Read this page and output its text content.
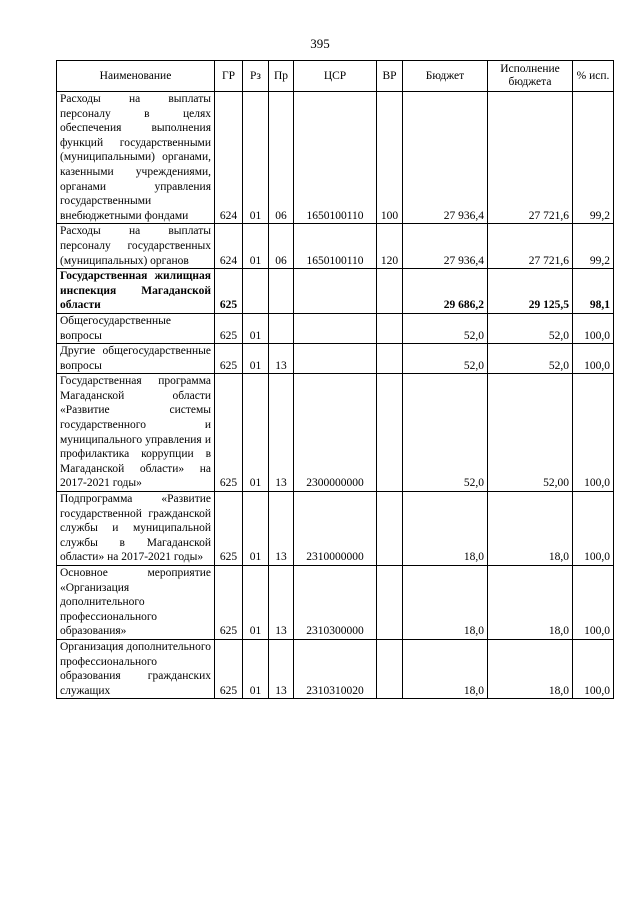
395
Наименование	ГР	Рз	Пр	ЦСР	ВР	Бюджет	Исполнение бюджета	% исп.
Расходы на выплаты персоналу в целях обеспечения выполнения функций государственными (муниципальными) органами, казенными учреждениями, органами управления государственными внебюджетными фондами	624	01	06	1650100110	100	27 936,4	27 721,6	99,2
Расходы на выплаты персоналу государственных (муниципальных) органов	624	01	06	1650100110	120	27 936,4	27 721,6	99,2
Государственная жилищная инспекция Магаданской области	625					29 686,2	29 125,5	98,1
Общегосударственные вопросы	625	01				52,0	52,0	100,0
Другие общегосударственные вопросы	625	01	13			52,0	52,0	100,0
Государственная программа Магаданской области «Развитие системы государственного и муниципального управления и профилактика коррупции в Магаданской области» на 2017-2021 годы»	625	01	13	2300000000		52,0	52,00	100,0
Подпрограмма «Развитие государственной гражданской службы и муниципальной службы в Магаданской области» на 2017-2021 годы»	625	01	13	2310000000		18,0	18,0	100,0
Основное мероприятие «Организация дополнительного профессионального образования»	625	01	13	2310300000		18,0	18,0	100,0
Организация дополнительного профессионального образования гражданских служащих	625	01	13	2310310020		18,0	18,0	100,0
